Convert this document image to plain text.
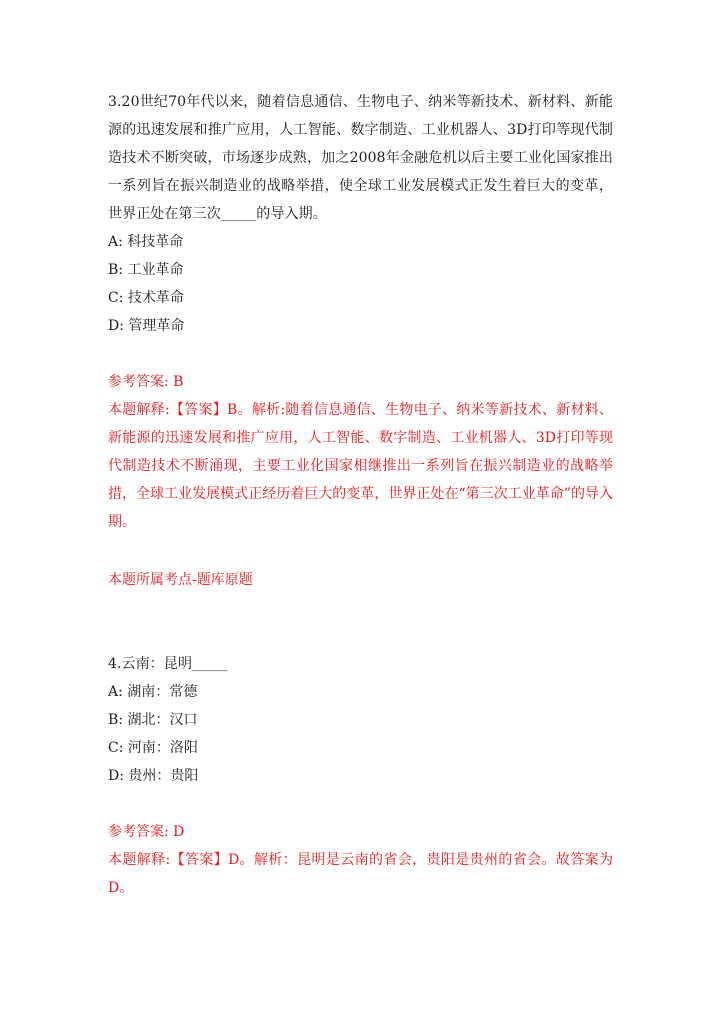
3.20世纪70年代以来，随着信息通信、生物电子、纳米等新技术、新材料、新能源的迅速发展和推广应用，人工智能、数字制造、工业机器人、3D打印等现代制造技术不断突破，市场逐步成熟，加之2008年金融危机以后主要工业化国家推出一系列旨在振兴制造业的战略举措，使全球工业发展模式正发生着巨大的变革，世界正处在第三次_____的导入期。
A: 科技革命
B: 工业革命
C: 技术革命
D: 管理革命
参考答案: B
本题解释:【答案】B。解析:随着信息通信、生物电子、纳米等新技术、新材料、新能源的迅速发展和推广应用，人工智能、数字制造、工业机器人、3D打印等现代制造技术不断涌现，主要工业化国家相继推出一系列旨在振兴制造业的战略举措，全球工业发展模式正经历着巨大的变革，世界正处在“第三次工业革命”的导入期。
本题所属考点-题库原题
4.云南：昆明_____
A: 湖南：常德
B: 湖北：汉口
C: 河南：洛阳
D: 贵州：贵阳
参考答案: D
本题解释:【答案】D。解析：昆明是云南的省会，贵阳是贵州的省会。故答案为D。
